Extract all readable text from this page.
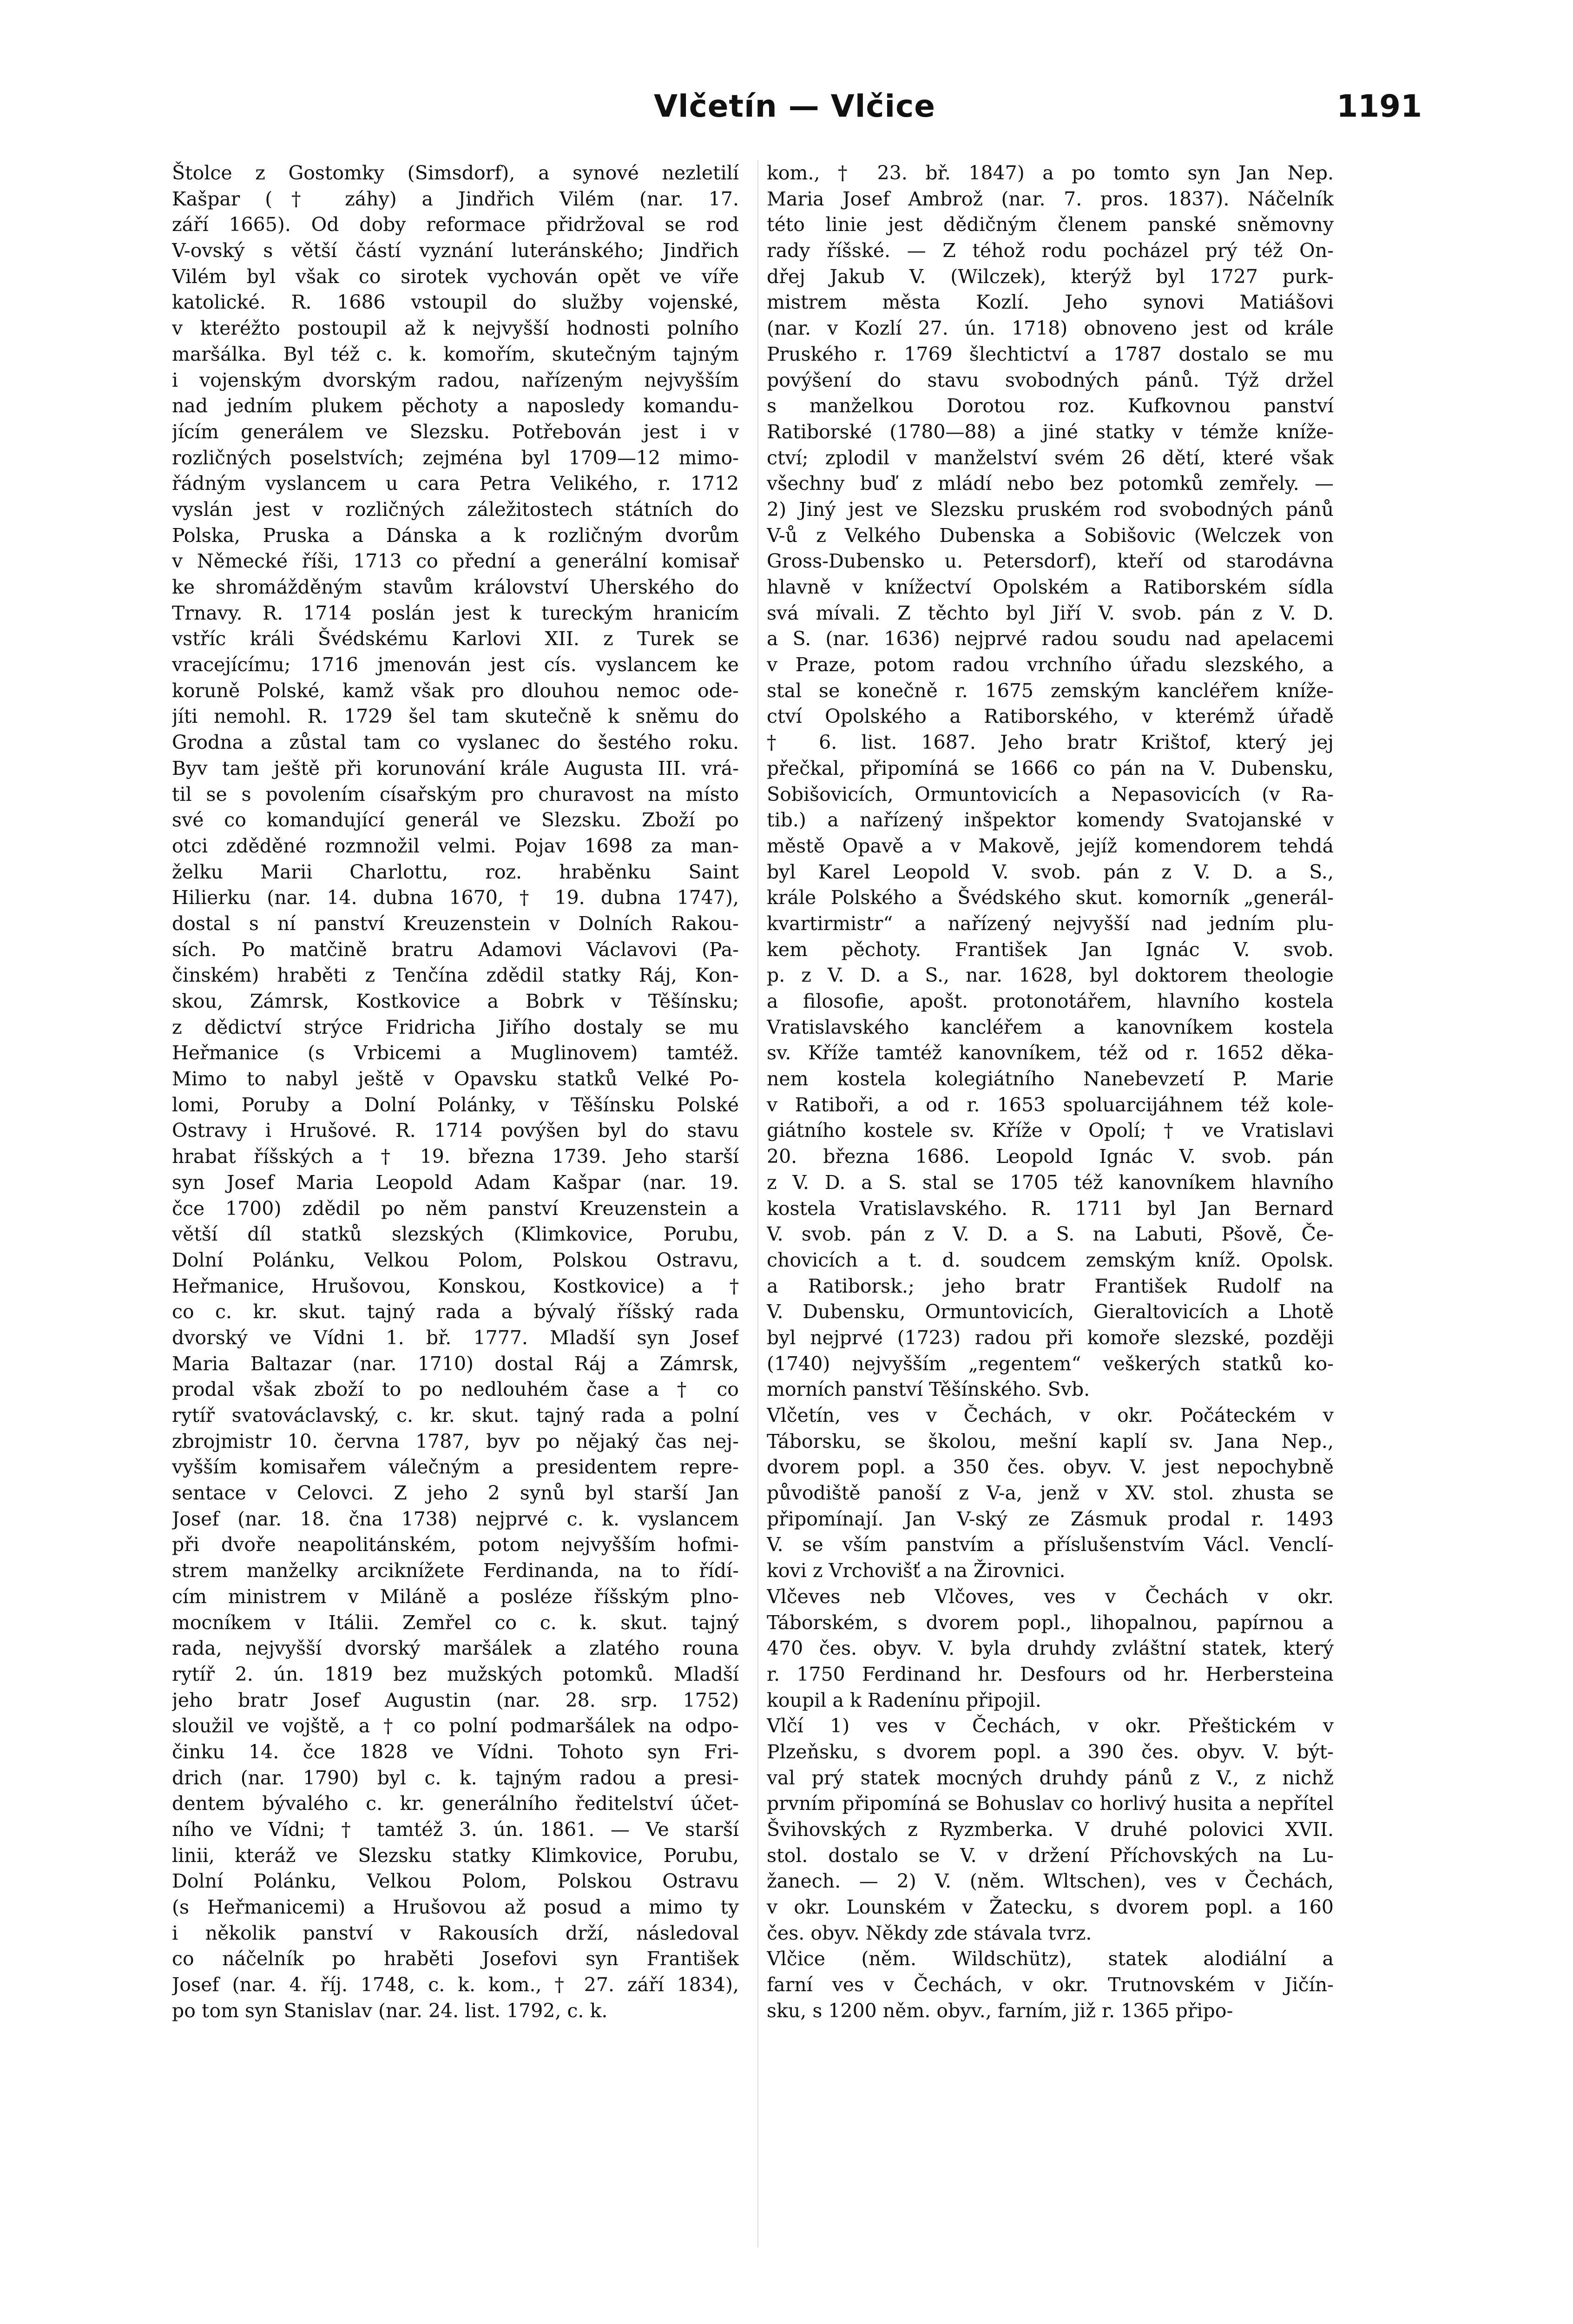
Vlčetín — Vlčice	1191
Štolce z Gostomky (Simsdorf), a synové nezletilí
Kašpar († záhy) a Jindřich Vilém (nar. 17.
září 1665). Od doby reformace přidržoval se rod
V-ovský s větší částí vyznání luteránského; Jindřich
Vilém byl však co sirotek vychován opět ve víře
katolické. R. 1686 vstoupil do služby vojenské,
v kteréžto postoupil až k nejvyšší hodnosti polního
maršálka. Byl též c. k. komořím, skutečným tajným
i vojenským dvorským radou, nařízeným nejvyšším
nad jedním plukem pěchoty a naposledy komandu-
jícím generálem ve Slezsku. Potřebován jest i v
rozličných poselstvích; zejména byl 1709—12 mimo-
řádným vyslancem u cara Petra Velikého, r. 1712
vyslán jest v rozličných záležitostech státních do
Polska, Pruska a Dánska a k rozličným dvorům
v Německé říši, 1713 co přední a generální komisař
ke shromážděným stavům království Uherského do
Trnavy. R. 1714 poslán jest k tureckým hranicím
vstříc králi Švédskému Karlovi XII. z Turek se
vracejícímu; 1716 jmenován jest cís. vyslancem ke
koruně Polské, kamž však pro dlouhou nemoc ode-
jíti nemohl. R. 1729 šel tam skutečně k sněmu do
Grodna a zůstal tam co vyslanec do šestého roku.
Byv tam ještě při korunování krále Augusta III. vrá-
til se s povolením císařským pro churavost na místo
své co komandující generál ve Slezsku. Zboží po
otci zděděné rozmnožil velmi. Pojav 1698 za man-
želku Marii Charlottu, roz. hraběnku Saint
Hilierku (nar. 14. dubna 1670, † 19. dubna 1747),
dostal s ní panství Kreuzenstein v Dolních Rakou-
sích. Po matčině bratru Adamovi Václavovi (Pa-
činském) hraběti z Tenčína zdědil statky Ráj, Kon-
skou, Zámrsk, Kostkovice a Bobrk v Těšínsku;
z dědictví strýce Fridricha Jiřího dostaly se mu
Heřmanice (s Vrbicemi a Muglinovem) tamtéž.
Mimo to nabyl ještě v Opavsku statků Velké Po-
lomi, Poruby a Dolní Polánky, v Těšínsku Polské
Ostravy i Hrušové. R. 1714 povýšen byl do stavu
hrabat říšských a † 19. března 1739. Jeho starší
syn Josef Maria Leopold Adam Kašpar (nar. 19.
čce 1700) zdědil po něm panství Kreuzenstein a
větší díl statků slezských (Klimkovice, Porubu,
Dolní Polánku, Velkou Polom, Polskou Ostravu,
Heřmanice, Hrušovou, Konskou, Kostkovice) a †
co c. kr. skut. tajný rada a bývalý říšský rada
dvorský ve Vídni 1. bř. 1777. Mladší syn Josef
Maria Baltazar (nar. 1710) dostal Ráj a Zámrsk,
prodal však zboží to po nedlouhém čase a † co
rytíř svatováclavský, c. kr. skut. tajný rada a polní
zbrojmistr 10. června 1787, byv po nějaký čas nej-
vyšším komisařem válečným a presidentem repre-
sentace v Celovci. Z jeho 2 synů byl starší Jan
Josef (nar. 18. čna 1738) nejprvé c. k. vyslancem
při dvoře neapolitánském, potom nejvyšším hofmi-
strem manželky arciknížete Ferdinanda, na to řídí-
cím ministrem v Miláně a posléze říšským plno-
mocníkem v Itálii. Zemřel co c. k. skut. tajný
rada, nejvyšší dvorský maršálek a zlatého rouna
rytíř 2. ún. 1819 bez mužských potomků. Mladší
jeho bratr Josef Augustin (nar. 28. srp. 1752)
sloužil ve vojště, a † co polní podmaršálek na odpo-
činku 14. čce 1828 ve Vídni. Tohoto syn Fri-
drich (nar. 1790) byl c. k. tajným radou a presi-
dentem bývalého c. kr. generálního ředitelství účet-
ního ve Vídni; † tamtéž 3. ún. 1861. — Ve starší
linii, kteráž ve Slezsku statky Klimkovice, Porubu,
Dolní Polánku, Velkou Polom, Polskou Ostravu
(s Heřmanicemi) a Hrušovou až posud a mimo ty
i několik panství v Rakousích drží, následoval
co náčelník po hraběti Josefovi syn František
Josef (nar. 4. říj. 1748, c. k. kom., † 27. září 1834),
po tom syn Stanislav (nar. 24. list. 1792, c. k.
kom., † 23. bř. 1847) a po tomto syn Jan Nep.
Maria Josef Ambrož (nar. 7. pros. 1837). Náčelník
této linie jest dědičným členem panské sněmovny
rady říšské. — Z téhož rodu pocházel prý též On-
dřej Jakub V. (Wilczek), kterýž byl 1727 purk-
mistrem města Kozlí. Jeho synovi Matiášovi
(nar. v Kozlí 27. ún. 1718) obnoveno jest od krále
Pruského r. 1769 šlechtictví a 1787 dostalo se mu
povýšení do stavu svobodných pánů. Týž držel
s manželkou Dorotou roz. Kufkovnou panství
Ratiborské (1780—88) a jiné statky v témže kníže-
ctví; zplodil v manželství svém 26 dětí, které však
všechny buď z mládí nebo bez potomků zemřely. —
2) Jiný jest ve Slezsku pruském rod svobodných pánů
V-ů z Velkého Dubenska a Sobišovic (Welczek von
Gross-Dubensko u. Petersdorf), kteří od starodávna
hlavně v knížectví Opolském a Ratiborském sídla
svá mívali. Z těchto byl Jiří V. svob. pán z V. D.
a S. (nar. 1636) nejprvé radou soudu nad apelacemi
v Praze, potom radou vrchního úřadu slezského, a
stal se konečně r. 1675 zemským kancléřem kníže-
ctví Opolského a Ratiborského, v kterémž úřadě
† 6. list. 1687. Jeho bratr Krištof, který jej
přečkal, připomíná se 1666 co pán na V. Dubensku,
Sobišovicích, Ormuntovicích a Nepasovicích (v Ra-
tib.) a nařízený inšpektor komendy Svatojanské v
městě Opavě a v Makově, jejíž komendorem tehdá
byl Karel Leopold V. svob. pán z V. D. a S.,
krále Polského a Švédského skut. komorník „generál-
kvartirmistr“ a nařízený nejvyšší nad jedním plu-
kem pěchoty. František Jan Ignác V. svob.
p. z V. D. a S., nar. 1628, byl doktorem theologie
a filosofie, apošt. protonotářem, hlavního kostela
Vratislavského kancléřem a kanovníkem kostela
sv. Kříže tamtéž kanovníkem, též od r. 1652 děka-
nem kostela kolegiátního Nanebevzetí P. Marie
v Ratiboři, a od r. 1653 spoluarcijáhnem též kole-
giátního kostele sv. Kříže v Opolí; † ve Vratislavi
20. března 1686. Leopold Ignác V. svob. pán
z V. D. a S. stal se 1705 též kanovníkem hlavního
kostela Vratislavského. R. 1711 byl Jan Bernard
V. svob. pán z V. D. a S. na Labuti, Pšově, Če-
chovicích a t. d. soudcem zemským kníž. Opolsk.
a Ratiborsk.; jeho bratr František Rudolf na
V. Dubensku, Ormuntovicích, Gieraltovicích a Lhotě
byl nejprvé (1723) radou při komoře slezské, později
(1740) nejvyšším „regentem“ veškerých statků ko-
morních panství Těšínského. Svb.
Vlčetín, ves v Čechách, v okr. Počáteckém v
Táborsku, se školou, mešní kaplí sv. Jana Nep.,
dvorem popl. a 350 čes. obyv. V. jest nepochybně
původiště panoší z V-a, jenž v XV. stol. zhusta se
připomínají. Jan V-ský ze Zásmuk prodal r. 1493
V. se vším panstvím a příslušenstvím Václ. Venclí-
kovi z Vrchovišť a na Žirovnici.
Vlčeves neb Vlčoves, ves v Čechách v okr.
Táborském, s dvorem popl., lihopalnou, papírnou a
470 čes. obyv. V. byla druhdy zvláštní statek, který
r. 1750 Ferdinand hr. Desfours od hr. Herbersteina
koupil a k Radenínu připojil.
Vlčí 1) ves v Čechách, v okr. Přeštickém v
Plzeňsku, s dvorem popl. a 390 čes. obyv. V. být-
val prý statek mocných druhdy pánů z V., z nichž
prvním připomíná se Bohuslav co horlivý husita a nepřítel
Švihovských z Ryzmberka. V druhé polovici XVII.
stol. dostalo se V. v držení Příchovských na Lu-
žanech. — 2) V. (něm. Wltschen), ves v Čechách,
v okr. Lounském v Žatecku, s dvorem popl. a 160
čes. obyv. Někdy zde stávala tvrz.
Vlčice (něm. Wildschütz), statek alodiální a
farní ves v Čechách, v okr. Trutnovském v Jičín-
sku, s 1200 něm. obyv., farním, již r. 1365 připo-
